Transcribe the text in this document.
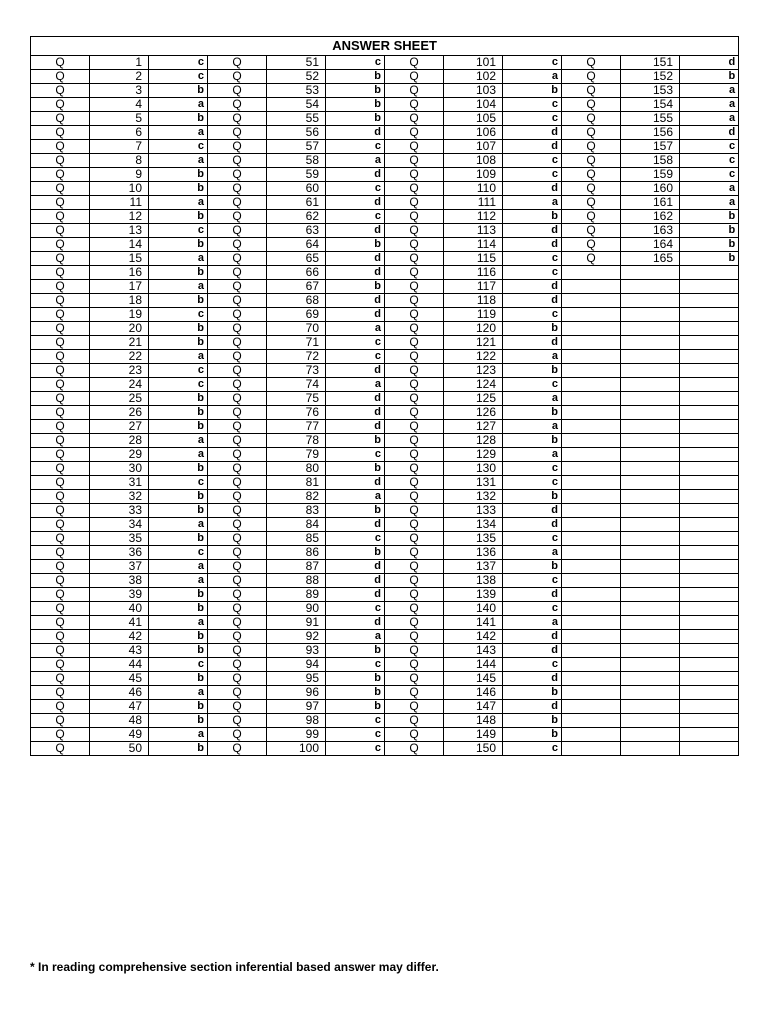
ANSWER SHEET											
Q	1	c	Q	51	c	Q	101	c	Q	151	d
Q	2	c	Q	52	b	Q	102	a	Q	152	b
Q	3	b	Q	53	b	Q	103	b	Q	153	a
Q	4	a	Q	54	b	Q	104	c	Q	154	a
Q	5	b	Q	55	b	Q	105	c	Q	155	a
Q	6	a	Q	56	d	Q	106	d	Q	156	d
Q	7	c	Q	57	c	Q	107	d	Q	157	c
Q	8	a	Q	58	a	Q	108	c	Q	158	c
Q	9	b	Q	59	d	Q	109	c	Q	159	c
Q	10	b	Q	60	c	Q	110	d	Q	160	a
Q	11	a	Q	61	d	Q	111	a	Q	161	a
Q	12	b	Q	62	c	Q	112	b	Q	162	b
Q	13	c	Q	63	d	Q	113	d	Q	163	b
Q	14	b	Q	64	b	Q	114	d	Q	164	b
Q	15	a	Q	65	d	Q	115	c	Q	165	b
Q	16	b	Q	66	d	Q	116	c			
Q	17	a	Q	67	b	Q	117	d			
Q	18	b	Q	68	d	Q	118	d			
Q	19	c	Q	69	d	Q	119	c			
Q	20	b	Q	70	a	Q	120	b			
Q	21	b	Q	71	c	Q	121	d			
Q	22	a	Q	72	c	Q	122	a			
Q	23	c	Q	73	d	Q	123	b			
Q	24	c	Q	74	a	Q	124	c			
Q	25	b	Q	75	d	Q	125	a			
Q	26	b	Q	76	d	Q	126	b			
Q	27	b	Q	77	d	Q	127	a			
Q	28	a	Q	78	b	Q	128	b			
Q	29	a	Q	79	c	Q	129	a			
Q	30	b	Q	80	b	Q	130	c			
Q	31	c	Q	81	d	Q	131	c			
Q	32	b	Q	82	a	Q	132	b			
Q	33	b	Q	83	b	Q	133	d			
Q	34	a	Q	84	d	Q	134	d			
Q	35	b	Q	85	c	Q	135	c			
Q	36	c	Q	86	b	Q	136	a			
Q	37	a	Q	87	d	Q	137	b			
Q	38	a	Q	88	d	Q	138	c			
Q	39	b	Q	89	d	Q	139	d			
Q	40	b	Q	90	c	Q	140	c			
Q	41	a	Q	91	d	Q	141	a			
Q	42	b	Q	92	a	Q	142	d			
Q	43	b	Q	93	b	Q	143	d			
Q	44	c	Q	94	c	Q	144	c			
Q	45	b	Q	95	b	Q	145	d			
Q	46	a	Q	96	b	Q	146	b			
Q	47	b	Q	97	b	Q	147	d			
Q	48	b	Q	98	c	Q	148	b			
Q	49	a	Q	99	c	Q	149	b			
Q	50	b	Q	100	c	Q	150	c			
* In reading comprehensive section inferential based answer may differ.
